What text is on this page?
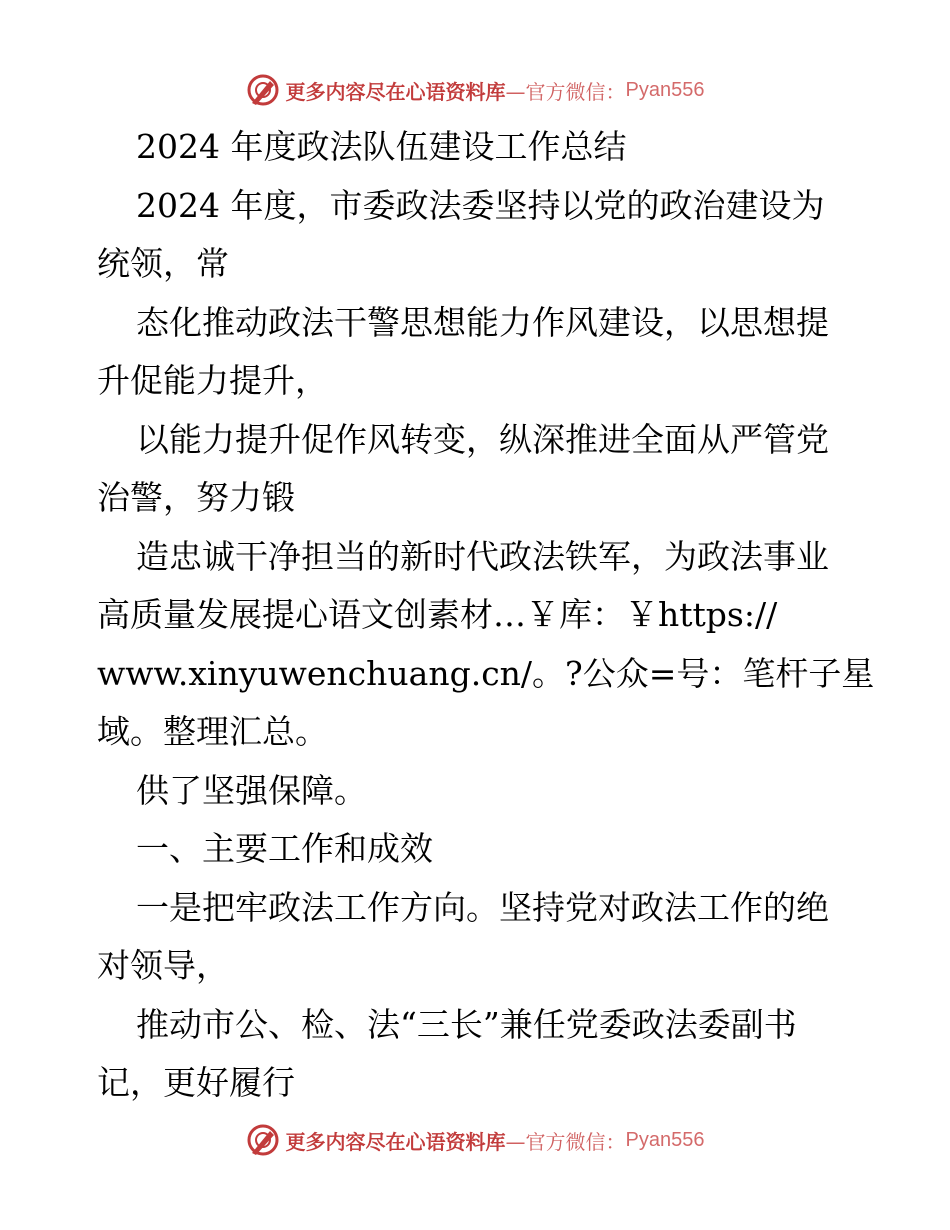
更多内容尽在心语资料库 —官方微信： Pyan556
2024 年度政法队伍建设工作总结
2024 年度，市委政法委坚持以党的政治建设为
统领，常
态化推动政法干警思想能力作风建设，以思想提
升促能力提升，
以能力提升促作风转变，纵深推进全面从严管党
治警，努力锻
造忠诚干净担当的新时代政法铁军，为政法事业
高质量发展提心语文创素材…￥库：￥https://
www.xinyuwenchuang.cn/。?公众=号：笔杆子星
域。整理汇总。
供了坚强保障。
一、主要工作和成效
一是把牢政法工作方向。坚持党对政法工作的绝
对领导，
推动市公、检、法“三长”兼任党委政法委副书
记，更好履行
更多内容尽在心语资料库 —官方微信： Pyan556
